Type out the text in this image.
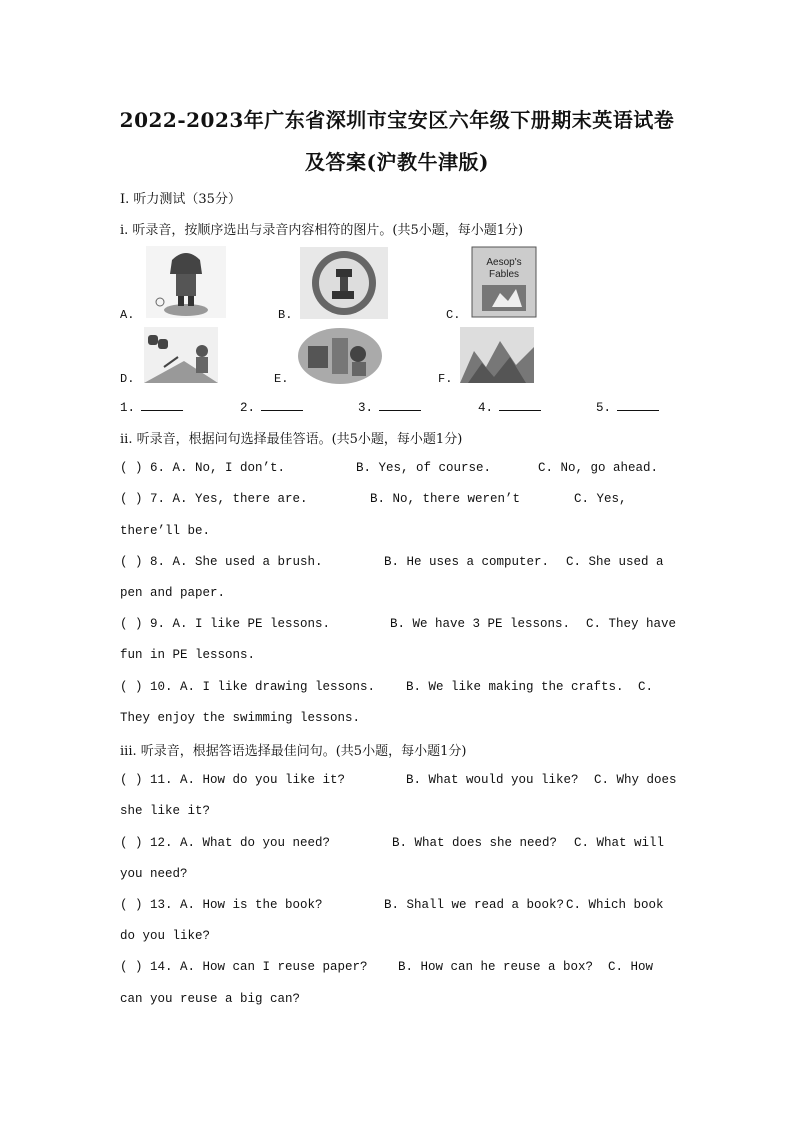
2022-2023年广东省深圳市宝安区六年级下册期末英语试卷
及答案(沪教牛津版)
Ⅰ. 听力测试（35分）
i. 听录音，按顺序选出与录音内容相符的图片。(共5小题，每小题1分)
A.	B.	C.
Aesop's
Fables
D.	E.	F.
1.	2.	3.	4.	5.
ii. 听录音，根据问句选择最佳答语。(共5小题，每小题1分)
( ) 6. A. No, I don’t.	B. Yes, of course.	C. No, go ahead.
( ) 7. A. Yes, there are.	B. No, there weren’t	C. Yes,
there’ll be.
( ) 8. A. She used a brush.	B. He uses a computer. C. She used a
pen and paper.
( ) 9. A. I like PE lessons.	B. We have 3 PE lessons. C. They have
fun in PE lessons.
( ) 10. A. I like drawing lessons. B. We like making the crafts. C.
They enjoy the swimming lessons.
iii. 听录音，根据答语选择最佳问句。(共5小题，每小题1分)
( ) 11. A. How do you like it?	B. What would you like? C. Why does
she like it?
( ) 12. A. What do you need?	B. What does she need? C. What will
you need?
( ) 13. A. How is the book?	B. Shall we read a book? C. Which book
do you like?
( ) 14. A. How can I reuse paper? B. How can he reuse a box? C. How
can you reuse a big can?
